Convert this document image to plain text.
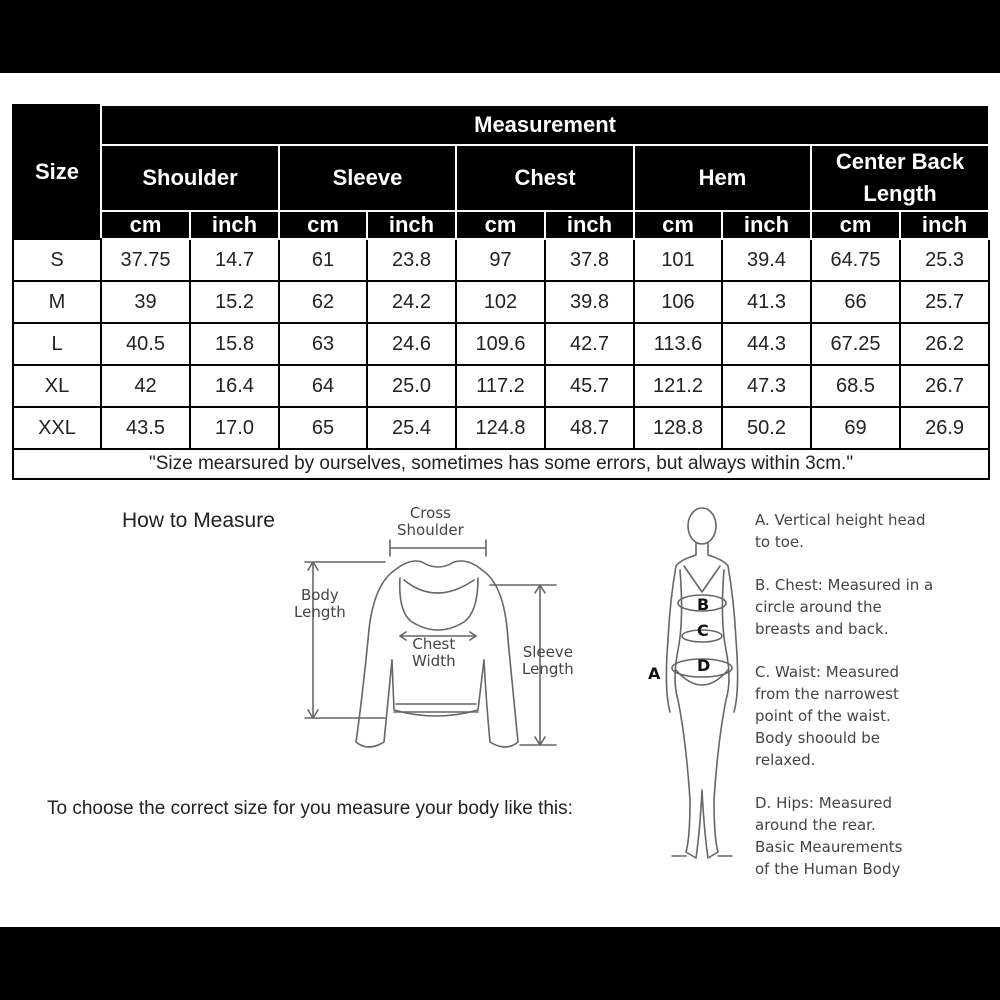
Size	Measurement									
	Shoulder		Sleeve		Chest		Hem		Center Back
Length	
	cm	inch	cm	inch	cm	inch	cm	inch	cm	inch
S	37.75	14.7	61	23.8	97	37.8	101	39.4	64.75	25.3
M	39	15.2	62	24.2	102	39.8	106	41.3	66	25.7
L	40.5	15.8	63	24.6	109.6	42.7	113.6	44.3	67.25	26.2
XL	42	16.4	64	25.0	117.2	45.7	121.2	47.3	68.5	26.7
XXL	43.5	17.0	65	25.4	124.8	48.7	128.8	50.2	69	26.9
"Size mearsured by ourselves, sometimes has some errors, but always within 3cm."										
How to Measure	Cross
Shoulder
Body
Length
Chest
Width	Sleeve
Length	A
B
C
D
A. Vertical height head
to toe.
B. Chest: Measured in a
circle around the
breasts and back.
C. Waist: Measured
from the narrowest
point of the waist.
Body shoould be
relaxed.
D. Hips: Measured
around the rear.
Basic Meaurements
of the Human Body
To choose the correct size for you measure your body like this:
